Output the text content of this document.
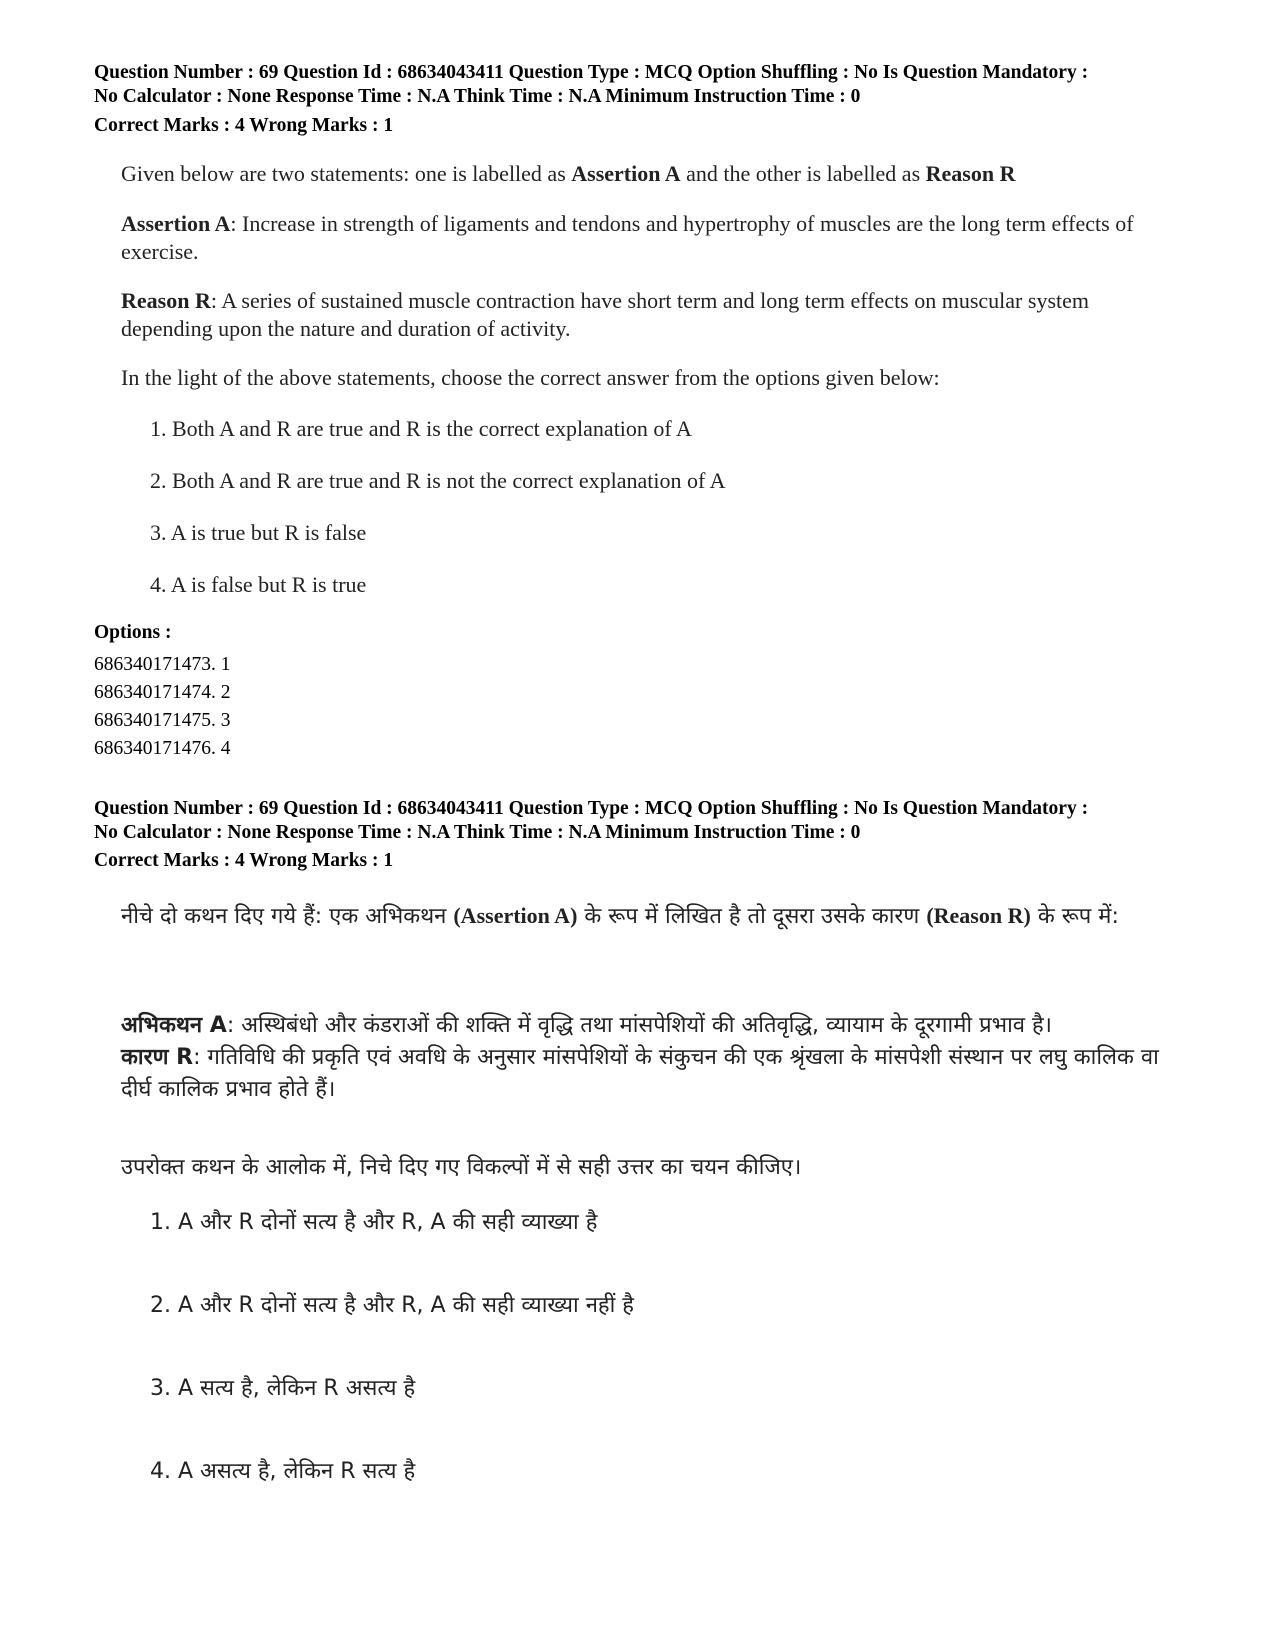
Question Number : 69 Question Id : 68634043411 Question Type : MCQ Option Shuffling : No Is Question Mandatory :
No Calculator : None Response Time : N.A Think Time : N.A Minimum Instruction Time : 0
Correct Marks : 4 Wrong Marks : 1
Given below are two statements: one is labelled as Assertion A and the other is labelled as Reason R
Assertion A: Increase in strength of ligaments and tendons and hypertrophy of muscles are the long term effects of exercise.
Reason R: A series of sustained muscle contraction have short term and long term effects on muscular system depending upon the nature and duration of activity.
In the light of the above statements, choose the correct answer from the options given below:
1. Both A and R are true and R is the correct explanation of A
2. Both A and R are true and R is not the correct explanation of A
3. A is true but R is false
4. A is false but R is true
Options :
686340171473. 1
686340171474. 2
686340171475. 3
686340171476. 4
Question Number : 69 Question Id : 68634043411 Question Type : MCQ Option Shuffling : No Is Question Mandatory :
No Calculator : None Response Time : N.A Think Time : N.A Minimum Instruction Time : 0
Correct Marks : 4 Wrong Marks : 1
नीचे दो कथन दिए गये हैं: एक अभिकथन (Assertion A) के रूप में लिखित है तो दूसरा उसके कारण (Reason R) के रूप में:
अभिकथन A: अस्थिबंधो और कंडराओं की शक्ति में वृद्धि तथा मांसपेशियों की अतिवृद्धि, व्यायाम के दूरगामी प्रभाव है।
कारण R: गतिविधि की प्रकृति एवं अवधि के अनुसार मांसपेशियों के संकुचन की एक श्रृंखला के मांसपेशी संस्थान पर लघु कालिक वा दीर्घ कालिक प्रभाव होते हैं।
उपरोक्त कथन के आलोक में, निचे दिए गए विकल्पों में से सही उत्तर का चयन कीजिए।
1. A और R दोनों सत्य है और R, A की सही व्याख्या है
2. A और R दोनों सत्य है और R, A की सही व्याख्या नहीं है
3. A सत्य है, लेकिन R असत्य है
4. A असत्य है, लेकिन R सत्य है
